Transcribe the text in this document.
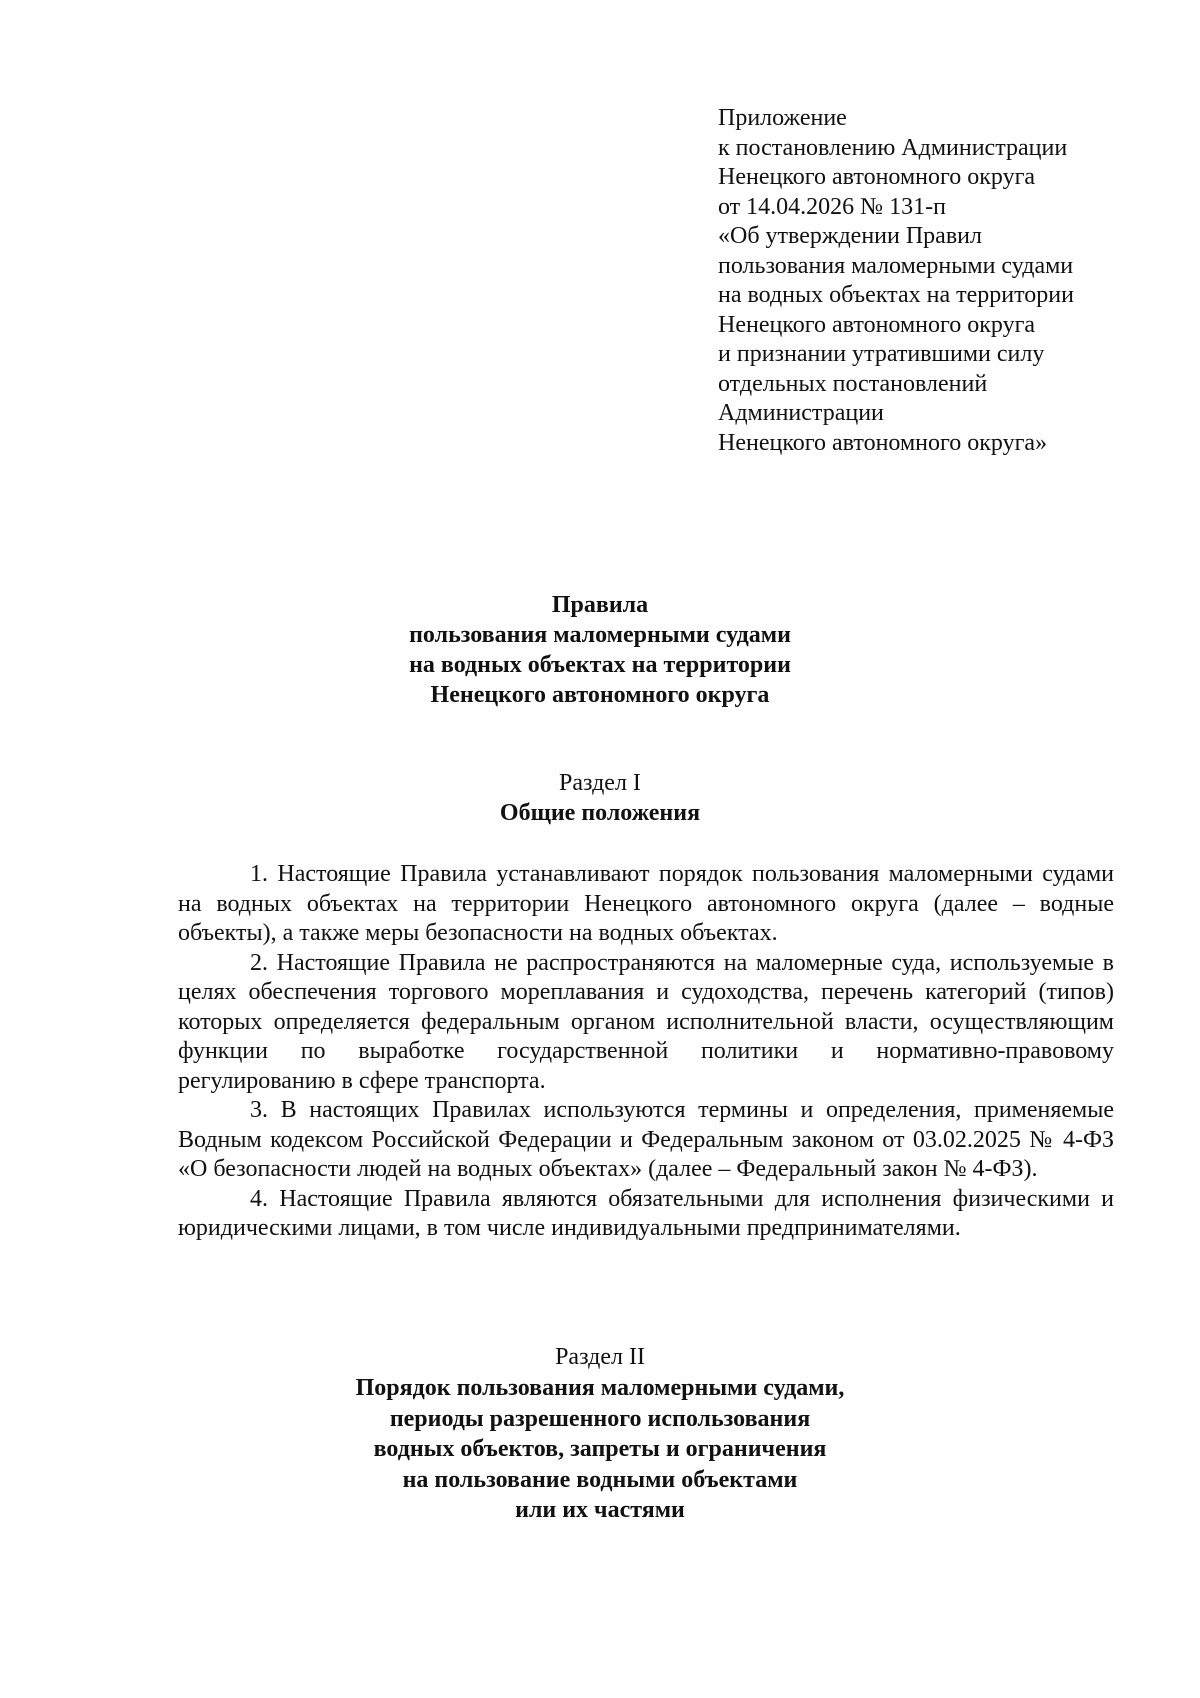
Приложение
к постановлению Администрации
Ненецкого автономного округа
от 14.04.2026 № 131-п
«Об утверждении Правил
пользования маломерными судами
на водных объектах на территории
Ненецкого автономного округа
и признании утратившими силу
отдельных постановлений
Администрации
Ненецкого автономного округа»
Правила
пользования маломерными судами
на водных объектах на территории
Ненецкого автономного округа
Раздел I
Общие положения

1. Настоящие Правила устанавливают порядок пользования маломерными судами на водных объектах на территории Ненецкого автономного округа (далее – водные объекты), а также меры безопасности на водных объектах.

2. Настоящие Правила не распространяются на маломерные суда, используемые в целях обеспечения торгового мореплавания и судоходства, перечень категорий (типов) которых определяется федеральным органом исполнительной власти, осуществляющим функции по выработке государственной политики и нормативно-правовому регулированию в сфере транспорта.

3. В настоящих Правилах используются термины и определения, применяемые Водным кодексом Российской Федерации и Федеральным законом от 03.02.2025 № 4-ФЗ «О безопасности людей на водных объектах» (далее – Федеральный закон № 4-ФЗ).

4. Настоящие Правила являются обязательными для исполнения физическими и юридическими лицами, в том числе индивидуальными предпринимателями.

Раздел II
Порядок пользования маломерными судами,
периоды разрешенного использования
водных объектов, запреты и ограничения
на пользование водными объектами
или их частями
